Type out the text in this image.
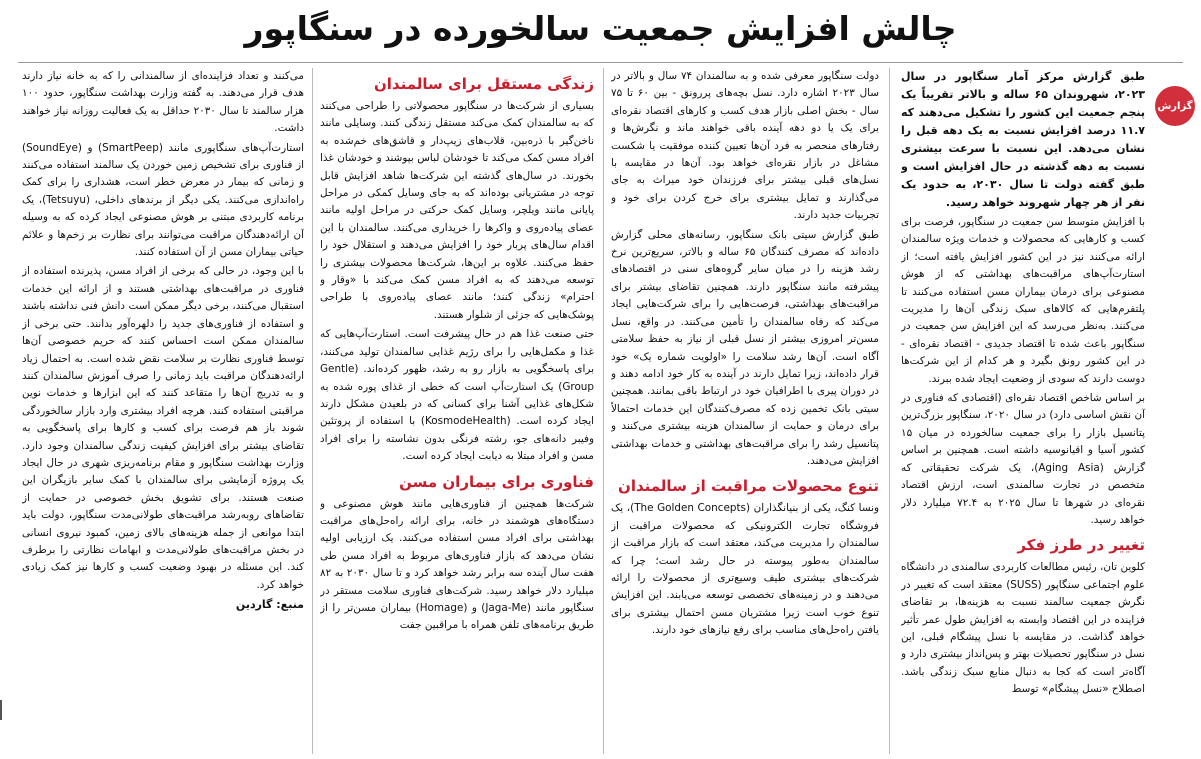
چالش افزایش جمعیت سالخورده در سنگاپور
گزارش

طبق گزارش مرکز آمار سنگاپور در سال ۲۰۲۳، شهروندان ۶۵ ساله و بالاتر تقریباً یک پنجم جمعیت این کشور را تشکیل می‌دهند که ۱۱.۷ درصد افزایش نسبت به یک دهه قبل را نشان می‌دهد. این نسبت با سرعت بیشتری نسبت به دهه گذشته در حال افزایش است و طبق گفته دولت تا سال ۲۰۳۰، به حدود یک نفر از هر چهار شهروند خواهد رسید.

با افزایش متوسط سن جمعیت در سنگاپور، فرصت برای کسب و کارهایی که محصولات و خدمات ویژه سالمندان ارائه می‌کنند نیز در این کشور افزایش یافته است؛ از استارت‌آپ‌های مراقبت‌های بهداشتی که از هوش مصنوعی برای درمان بیماران مسن استفاده می‌کنند تا پلتفرم‌هایی که کالاهای سبک زندگی آن‌ها را مدیریت می‌کنند. به‌نظر می‌رسد که این افزایش سن جمعیت در سنگاپور باعث شده تا اقتصاد جدیدی - اقتصاد نقره‌ای - در این کشور رونق بگیرد و هر کدام از این شرکت‌ها دوست دارند که سودی از وضعیت ایجاد شده ببرند.

بر اساس شاخص اقتصاد نقره‌ای (اقتصادی که فناوری در آن نقش اساسی دارد) در سال ۲۰۲۰، سنگاپور بزرگ‌ترین پتانسیل بازار را برای جمعیت سالخورده در میان ۱۵ کشور آسیا و اقیانوسیه داشته است. همچنین بر اساس گزارش (Aging Asia)، یک شرکت تحقیقاتی که متخصص در تجارت سالمندی است، ارزش اقتصاد نقره‌ای در شهرها تا سال ۲۰۲۵ به ۷۲.۴ میلیارد دلار خواهد رسید.

تغییر در طرز فکر

کلوین تان، رئیس مطالعات کاربردی سالمندی در دانشگاه علوم اجتماعی سنگاپور (SUSS) معتقد است که تغییر در نگرش جمعیت سالمند نسبت به هزینه‌ها، بر تقاضای فزاینده در این اقتصاد وابسته به افزایش طول عمر تأثیر خواهد گذاشت. در مقایسه با نسل پیشگام قبلی، این نسل در سنگاپور تحصیلات بهتر و پس‌انداز بیشتری دارد و آگاه‌تر است که کجا به دنبال منابع سبک زندگی باشد. اصطلاح «نسل پیشگام» توسط

دولت سنگاپور معرفی شده و به سالمندان ۷۴ سال و بالاتر در سال ۲۰۲۳ اشاره دارد. نسل بچه‌های پررونق - بین ۶۰ تا ۷۵ سال - بخش اصلی بازار هدف کسب و کارهای اقتصاد نقره‌ای برای یک یا دو دهه آینده باقی خواهند ماند و نگرش‌ها و رفتارهای منحصر به فرد آن‌ها تعیین کننده موفقیت یا شکست مشاغل در بازار نقره‌ای خواهد بود. آن‌ها در مقایسه با نسل‌های قبلی بیشتر برای فرزندان خود میراث به جای می‌گذارند و تمایل بیشتری برای خرج کردن برای خود و تجربیات جدید دارند.

طبق گزارش سیتی بانک سنگاپور، رسانه‌های محلی گزارش داده‌اند که مصرف کنندگان ۶۵ ساله و بالاتر، سریع‌ترین نرخ رشد هزینه را در میان سایر گروه‌های سنی در اقتصادهای پیشرفته مانند سنگاپور دارند. همچنین تقاضای بیشتر برای مراقبت‌های بهداشتی، فرصت‌هایی را برای شرکت‌هایی ایجاد می‌کند که رفاه سالمندان را تأمین می‌کنند. در واقع، نسل مسن‌تر امروزی بیشتر از نسل قبلی از نیاز به حفظ سلامتی آگاه است. آن‌ها رشد سلامت را «اولویت شماره یک» خود قرار داده‌اند، زیرا تمایل دارند در آینده به کار خود ادامه دهند و در دوران پیری با اطرافیان خود در ارتباط باقی بمانند. همچنین سیتی بانک تخمین زده که مصرف‌کنندگان این خدمات احتمالاً برای درمان و حمایت از سالمندان هزینه بیشتری می‌کنند و پتانسیل رشد را برای مراقبت‌های بهداشتی و خدمات بهداشتی افزایش می‌دهند.

تنوع محصولات مراقبت از سالمندان

ونسا کنگ، یکی از بنیانگذاران (The Golden Concepts)، یک فروشگاه تجارت الکترونیکی که محصولات مراقبت از سالمندان را مدیریت می‌کند، معتقد است که بازار مراقبت از سالمندان به‌طور پیوسته در حال رشد است؛ چرا که شرکت‌های بیشتری طیف وسیع‌تری از محصولات را ارائه می‌دهند و در زمینه‌های تخصصی توسعه می‌یابند. این افزایش تنوع خوب است زیرا مشتریان مسن احتمال بیشتری برای یافتن راه‌حل‌های مناسب برای رفع نیازهای خود دارند.

زندگی مستقل برای سالمندان

بسیاری از شرکت‌ها در سنگاپور محصولاتی را طراحی می‌کنند که به سالمندان کمک می‌کند مستقل زندگی کنند. وسایلی مانند ناخن‌گیر با ذره‌بین، قلاب‌های زیپ‌دار و قاشق‌های خم‌شده به افراد مسن کمک می‌کند تا خودشان لباس بپوشند و خودشان غذا بخورند. در سال‌های گذشته این شرکت‌ها شاهد افزایش قابل توجه در مشتریانی بوده‌اند که به جای وسایل کمکی در مراحل پایانی مانند ویلچر، وسایل کمک حرکتی در مراحل اولیه مانند عصای پیاده‌روی و واکرها را خریداری می‌کنند. سالمندان با این اقدام سال‌های پربار خود را افزایش می‌دهند و استقلال خود را حفظ می‌کنند. علاوه بر این‌ها، شرکت‌ها محصولات بیشتری را توسعه می‌دهند که به افراد مسن کمک می‌کند با «وقار و احترام» زندگی کنند؛ مانند عصای پیاده‌روی با طراحی پوشک‌هایی که جزئی از شلوار هستند.

حتی صنعت غذا هم در حال پیشرفت است. استارت‌آپ‌هایی که غذا و مکمل‌هایی را برای رژیم غذایی سالمندان تولید می‌کنند، برای پاسخگویی به بازار رو به رشد، ظهور کرده‌اند. (Gentle Group) یک استارت‌آپ است که خطی از غذای پوره شده به شکل‌های غذایی آشنا برای کسانی که در بلعیدن مشکل دارند ایجاد کرده است. (KosmodeHealth) با استفاده از پروتئین وفیبر دانه‌های جو، رشته فرنگی بدون نشاسته را برای افراد مسن و افراد مبتلا به دیابت ایجاد کرده است.

فناوری برای بیماران مسن

شرکت‌ها همچنین از فناوری‌هایی مانند هوش مصنوعی و دستگاه‌های هوشمند در خانه، برای ارائه راه‌حل‌های مراقبت بهداشتی برای افراد مسن استفاده می‌کنند. یک ارزیابی اولیه نشان می‌دهد که بازار فناوری‌های مربوط به افراد مسن طی هفت سال آینده سه برابر رشد خواهد کرد و تا سال ۲۰۳۰ به ۸۲ میلیارد دلار خواهد رسید. شرکت‌های فناوری سلامت مستقر در سنگاپور مانند (Jaga-Me) و (Homage) بیماران مسن‌تر را از طریق برنامه‌های تلفن همراه با مراقبین جفت

می‌کنند و تعداد فزاینده‌ای از سالمندانی را که به خانه نیاز دارند هدف قرار می‌دهند. به گفته وزارت بهداشت سنگاپور، حدود ۱۰۰ هزار سالمند تا سال ۲۰۳۰ حداقل به یک فعالیت روزانه نیاز خواهند داشت.

استارت‌آپ‌های سنگاپوری مانند (SmartPeep) و (SoundEye) از فناوری برای تشخیص زمین خوردن یک سالمند استفاده می‌کنند و زمانی که بیمار در معرض خطر است، هشداری را برای کمک راه‌اندازی می‌کنند. یکی دیگر از برندهای داخلی، (Tetsuyu)، یک برنامه کاربردی مبتنی بر هوش مصنوعی ایجاد کرده که به وسیله آن ارائه‌دهندگان مراقبت می‌توانند برای نظارت بر زخم‌ها و علائم حیاتی بیماران مسن از آن استفاده کنند.

با این وجود، در حالی که برخی از افراد مسن، پذیرنده استفاده از فناوری در مراقبت‌های بهداشتی هستند و از ارائه این خدمات استقبال می‌کنند، برخی دیگر ممکن است دانش فنی نداشته باشند و استفاده از فناوری‌های جدید را دلهره‌آور بدانند. حتی برخی از سالمندان ممکن است احساس کنند که حریم خصوصی آن‌ها توسط فناوری نظارت بر سلامت نقض شده است. به احتمال زیاد ارائه‌دهندگان مراقبت باید زمانی را صرف آموزش سالمندان کنند و به تدریج آن‌ها را متقاعد کنند که این ابزارها و خدمات نوین مراقبتی استفاده کنند. هرچه افراد بیشتری وارد بازار سالخوردگی شوند باز هم فرصت برای کسب و کارها برای پاسخگویی به تقاضای بیشتر برای افزایش کیفیت زندگی سالمندان وجود دارد. وزارت بهداشت سنگاپور و مقام برنامه‌ریزی شهری در حال ایجاد یک پروژه آزمایشی برای سالمندان با کمک سایر بازیگران این صنعت هستند. برای تشویق بخش خصوصی در حمایت از تقاضاهای روبه‌رشد مراقبت‌های طولانی‌مدت سنگاپور، دولت باید ابتدا موانعی از جمله هزینه‌های بالای زمین، کمبود نیروی انسانی در بخش مراقبت‌های طولانی‌مدت و ابهامات نظارتی را برطرف کند. این مسئله در بهبود وضعیت کسب و کارها نیز کمک زیادی خواهد کرد.

منبع: گاردین
